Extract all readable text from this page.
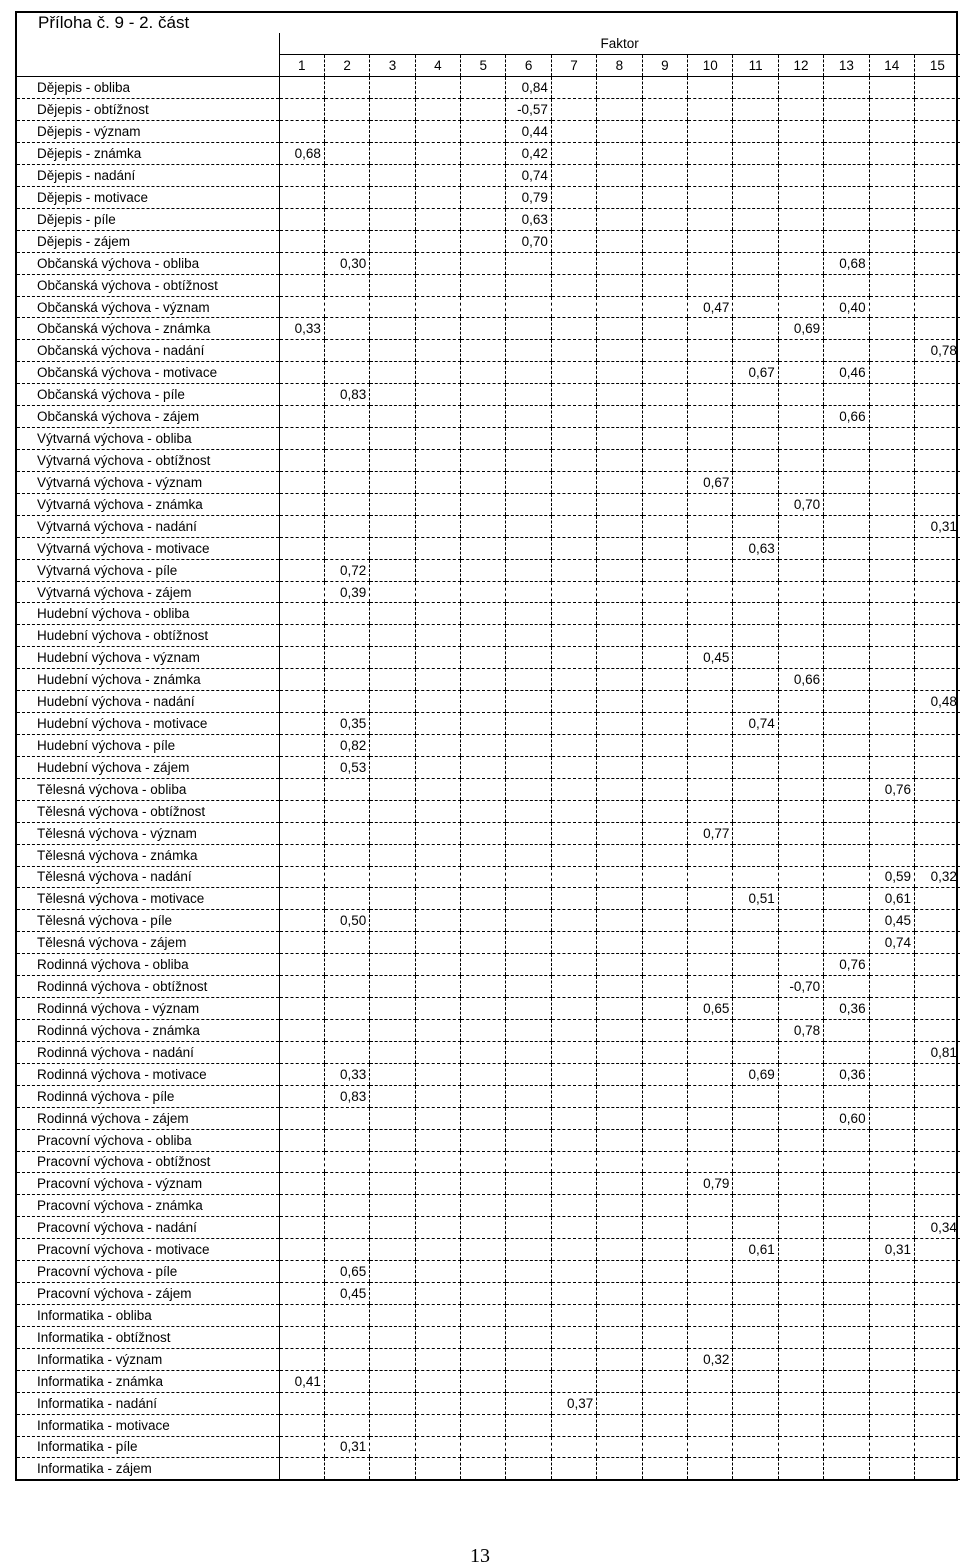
Příloha č. 9 - 2. část
	Faktor														
	1	2	3	4	5	6	7	8	9	10	11	12	13	14	15
Dějepis - obliba						0,84									
Dějepis - obtížnost						-0,57									
Dějepis - význam						0,44									
Dějepis - známka	0,68					0,42									
Dějepis - nadání						0,74									
Dějepis - motivace						0,79									
Dějepis - píle						0,63									
Dějepis - zájem						0,70									
Občanská výchova - obliba		0,30											0,68		
Občanská výchova - obtížnost															
Občanská výchova - význam										0,47			0,40		
Občanská výchova - známka	0,33											0,69			
Občanská výchova - nadání															0,78
Občanská výchova - motivace											0,67		0,46		
Občanská výchova - píle		0,83													
Občanská výchova - zájem													0,66		
Výtvarná výchova - obliba															
Výtvarná výchova - obtížnost															
Výtvarná výchova - význam										0,67					
Výtvarná výchova - známka												0,70			
Výtvarná výchova - nadání															0,31
Výtvarná výchova - motivace											0,63				
Výtvarná výchova - píle		0,72													
Výtvarná výchova - zájem		0,39													
Hudební výchova - obliba															
Hudební výchova - obtížnost															
Hudební výchova - význam										0,45					
Hudební výchova - známka												0,66			
Hudební výchova - nadání															0,48
Hudební výchova - motivace		0,35									0,74				
Hudební výchova - píle		0,82													
Hudební výchova - zájem		0,53													
Tělesná výchova - obliba														0,76	
Tělesná výchova - obtížnost															
Tělesná výchova - význam										0,77					
Tělesná výchova - známka															
Tělesná výchova - nadání														0,59	0,32
Tělesná výchova - motivace											0,51			0,61	
Tělesná výchova - píle		0,50												0,45	
Tělesná výchova - zájem														0,74	
Rodinná výchova - obliba													0,76		
Rodinná výchova - obtížnost												-0,70			
Rodinná výchova - význam										0,65			0,36		
Rodinná výchova - známka												0,78			
Rodinná výchova - nadání															0,81
Rodinná výchova - motivace		0,33									0,69		0,36		
Rodinná výchova - píle		0,83													
Rodinná výchova - zájem													0,60		
Pracovní výchova - obliba															
Pracovní výchova - obtížnost															
Pracovní výchova - význam										0,79					
Pracovní výchova - známka															
Pracovní výchova - nadání															0,34
Pracovní výchova - motivace											0,61			0,31	
Pracovní výchova - píle		0,65													
Pracovní výchova - zájem		0,45													
Informatika - obliba															
Informatika - obtížnost															
Informatika - význam										0,32					
Informatika - známka	0,41														
Informatika - nadání							0,37								
Informatika - motivace															
Informatika - píle		0,31													
Informatika - zájem															
13
